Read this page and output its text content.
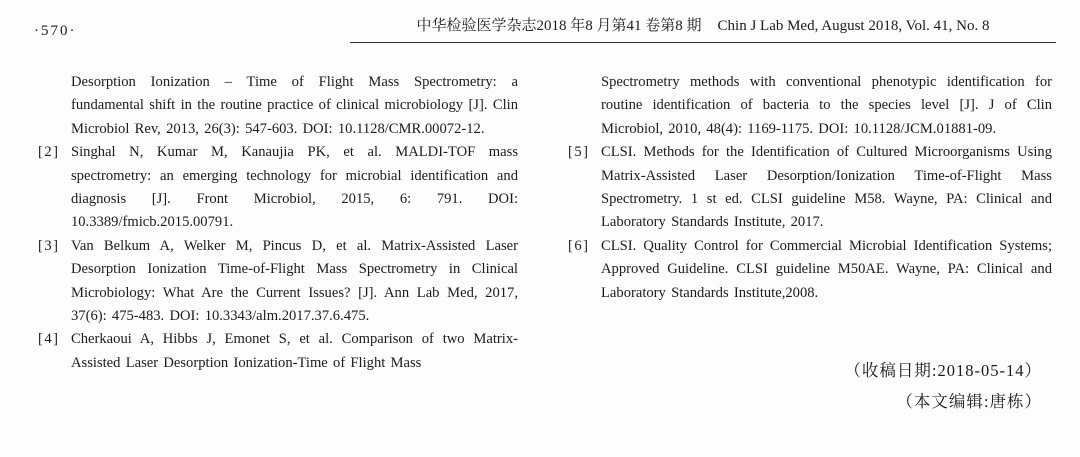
·570·	中华检验医学杂志2018 年8 月第41 卷第8 期 Chin J Lab Med, August 2018, Vol. 41, No. 8
Desorption Ionization – Time of Flight Mass Spectrometry: a fundamental shift in the routine practice of clinical microbiology [J]. Clin Microbiol Rev, 2013, 26(3): 547-603. DOI: 10.1128/CMR.00072-12.
[2] Singhal N, Kumar M, Kanaujia PK, et al. MALDI-TOF mass spectrometry: an emerging technology for microbial identification and diagnosis [J]. Front Microbiol, 2015, 6: 791. DOI: 10.3389/fmicb.2015.00791.
[3] Van Belkum A, Welker M, Pincus D, et al. Matrix-Assisted Laser Desorption Ionization Time-of-Flight Mass Spectrometry in Clinical Microbiology: What Are the Current Issues? [J]. Ann Lab Med, 2017, 37(6): 475-483. DOI: 10.3343/alm.2017.37.6.475.
[4] Cherkaoui A, Hibbs J, Emonet S, et al. Comparison of two Matrix-Assisted Laser Desorption Ionization-Time of Flight Mass
Spectrometry methods with conventional phenotypic identification for routine identification of bacteria to the species level [J]. J of Clin Microbiol, 2010, 48(4): 1169-1175. DOI: 10.1128/JCM.01881-09.
[5] CLSI. Methods for the Identification of Cultured Microorganisms Using Matrix-Assisted Laser Desorption/Ionization Time-of-Flight Mass Spectrometry. 1 st ed. CLSI guideline M58. Wayne, PA: Clinical and Laboratory Standards Institute, 2017.
[6] CLSI. Quality Control for Commercial Microbial Identification Systems; Approved Guideline. CLSI guideline M50AE. Wayne, PA: Clinical and Laboratory Standards Institute,2008.
（收稿日期:2018-05-14）
（本文编辑:唐栋）
